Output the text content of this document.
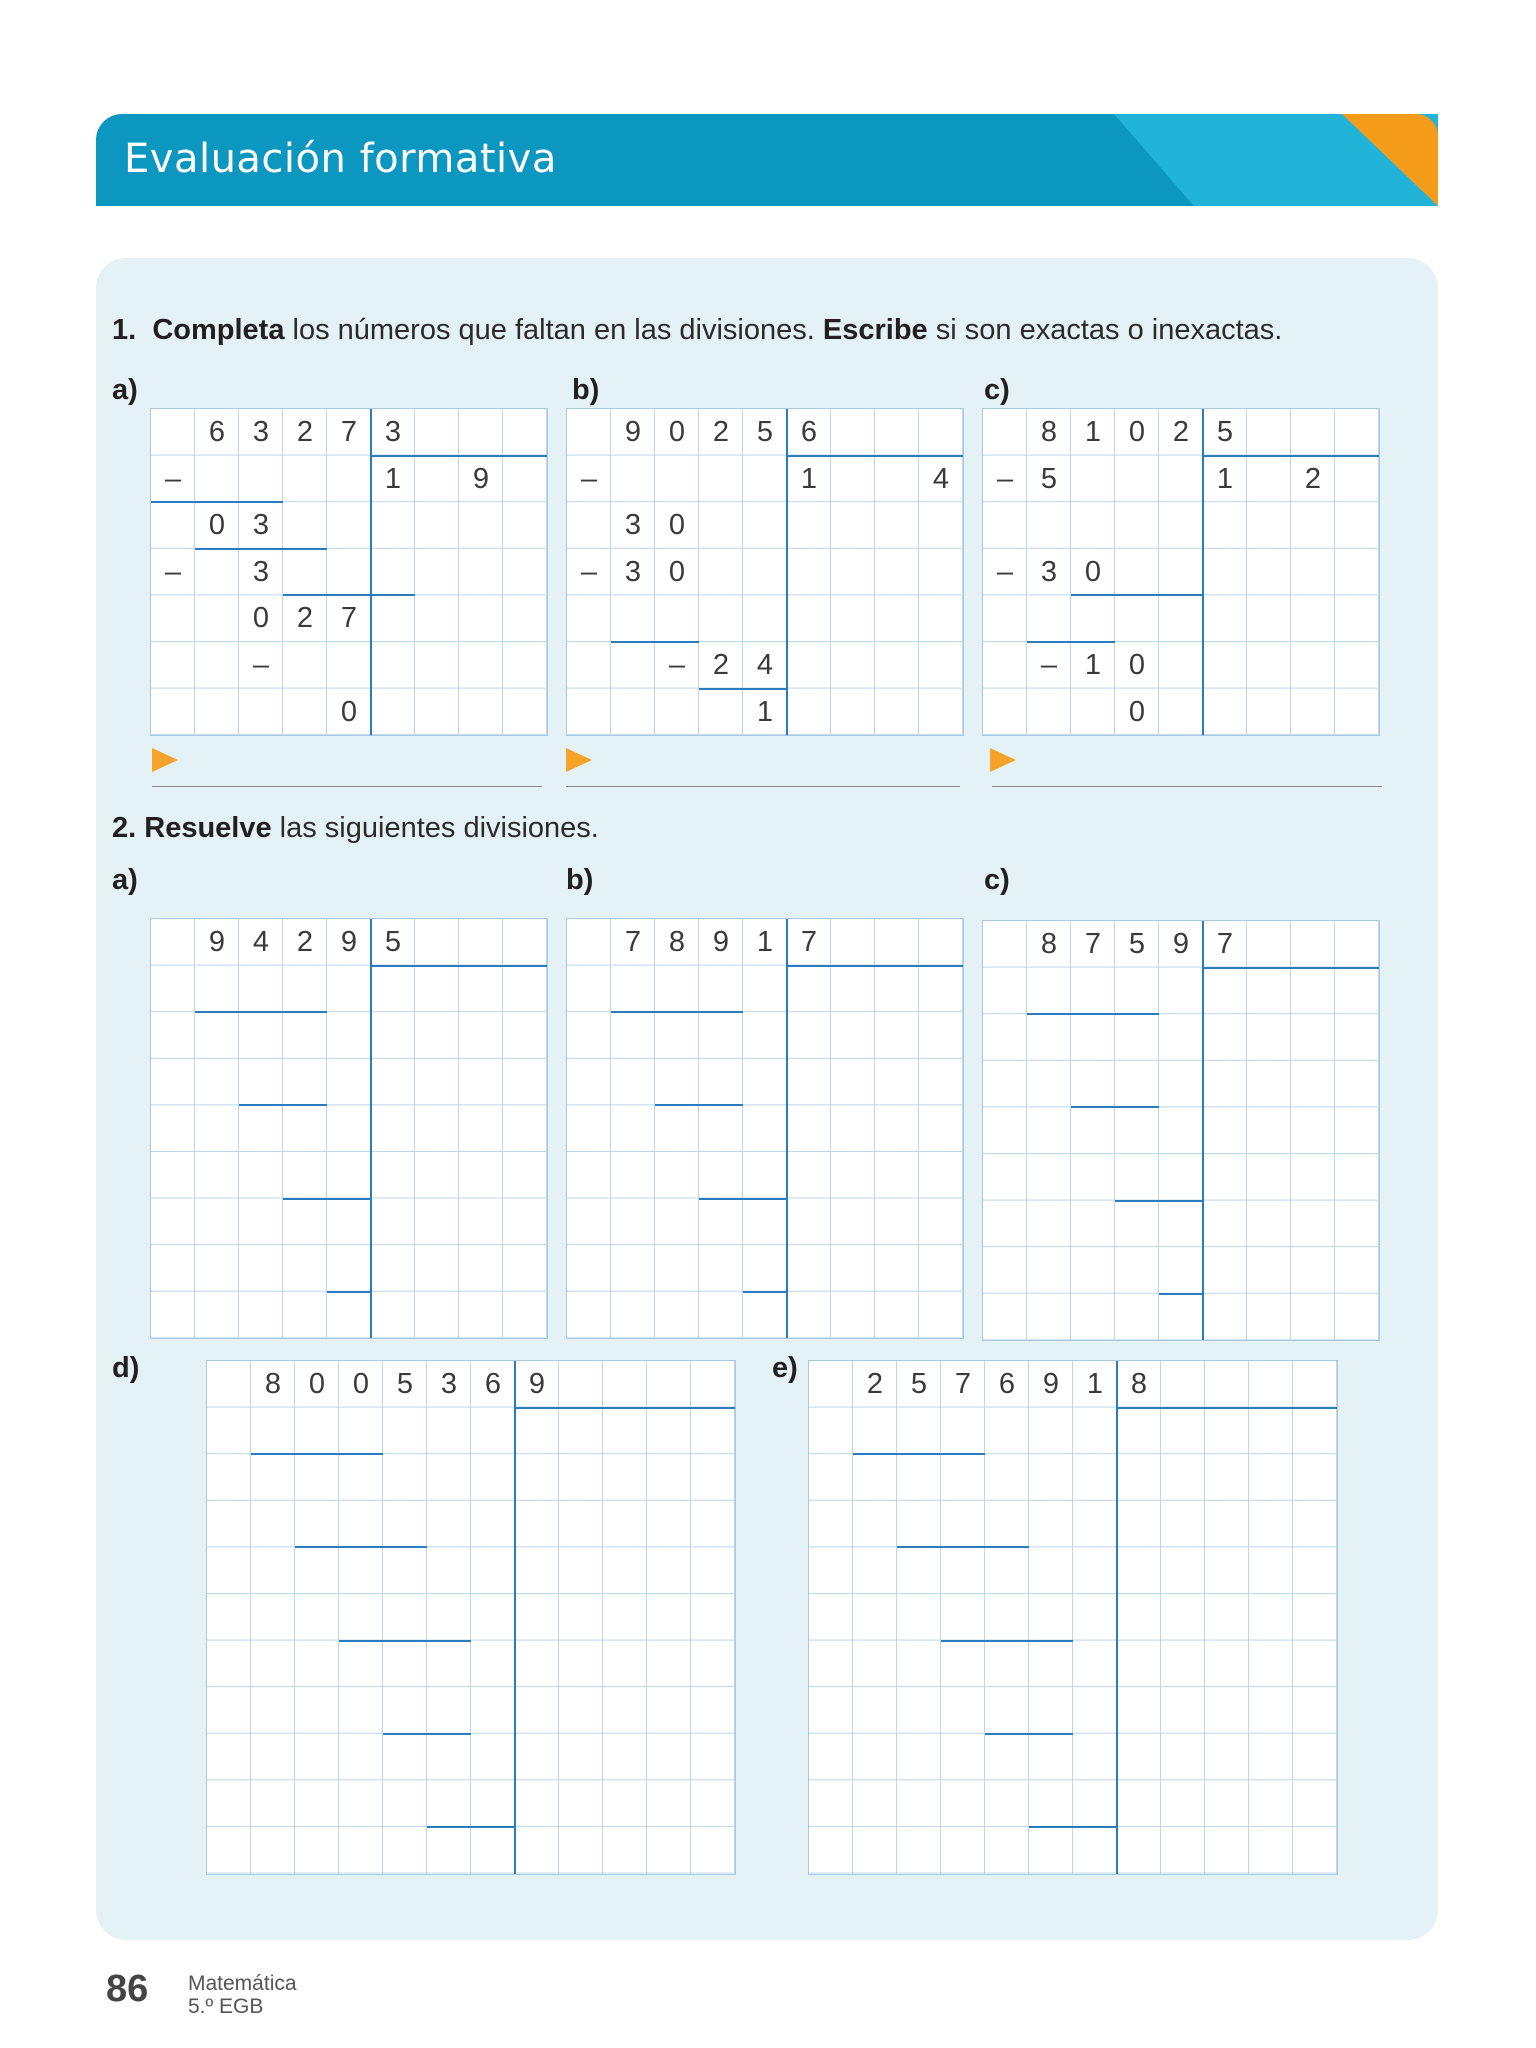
Evaluación formativa
DUA
Acción y expresión
1. Completa los números que faltan en las divisiones. Escribe si son exactas o inexactas.
a)	b)	c)
2. Resuelve las siguientes divisiones.
a)	b)	c)
d)	e)
6 3 2 7 3
–	1	9
0 3
–	3
0 2 7
–
0
9 0 2 5 6
–	1	4
3 0
– 3 0
– 2 4
1
8 1 0 2 5
– 5	1	2
– 3 0
– 1 0
0
9 4 2 9 5	7 8 9 1 7	8 7 5 9 7
8 0 0 5 3 6 9	2 5 7 6 9 1 8
86 Matemática
5.º EGB
